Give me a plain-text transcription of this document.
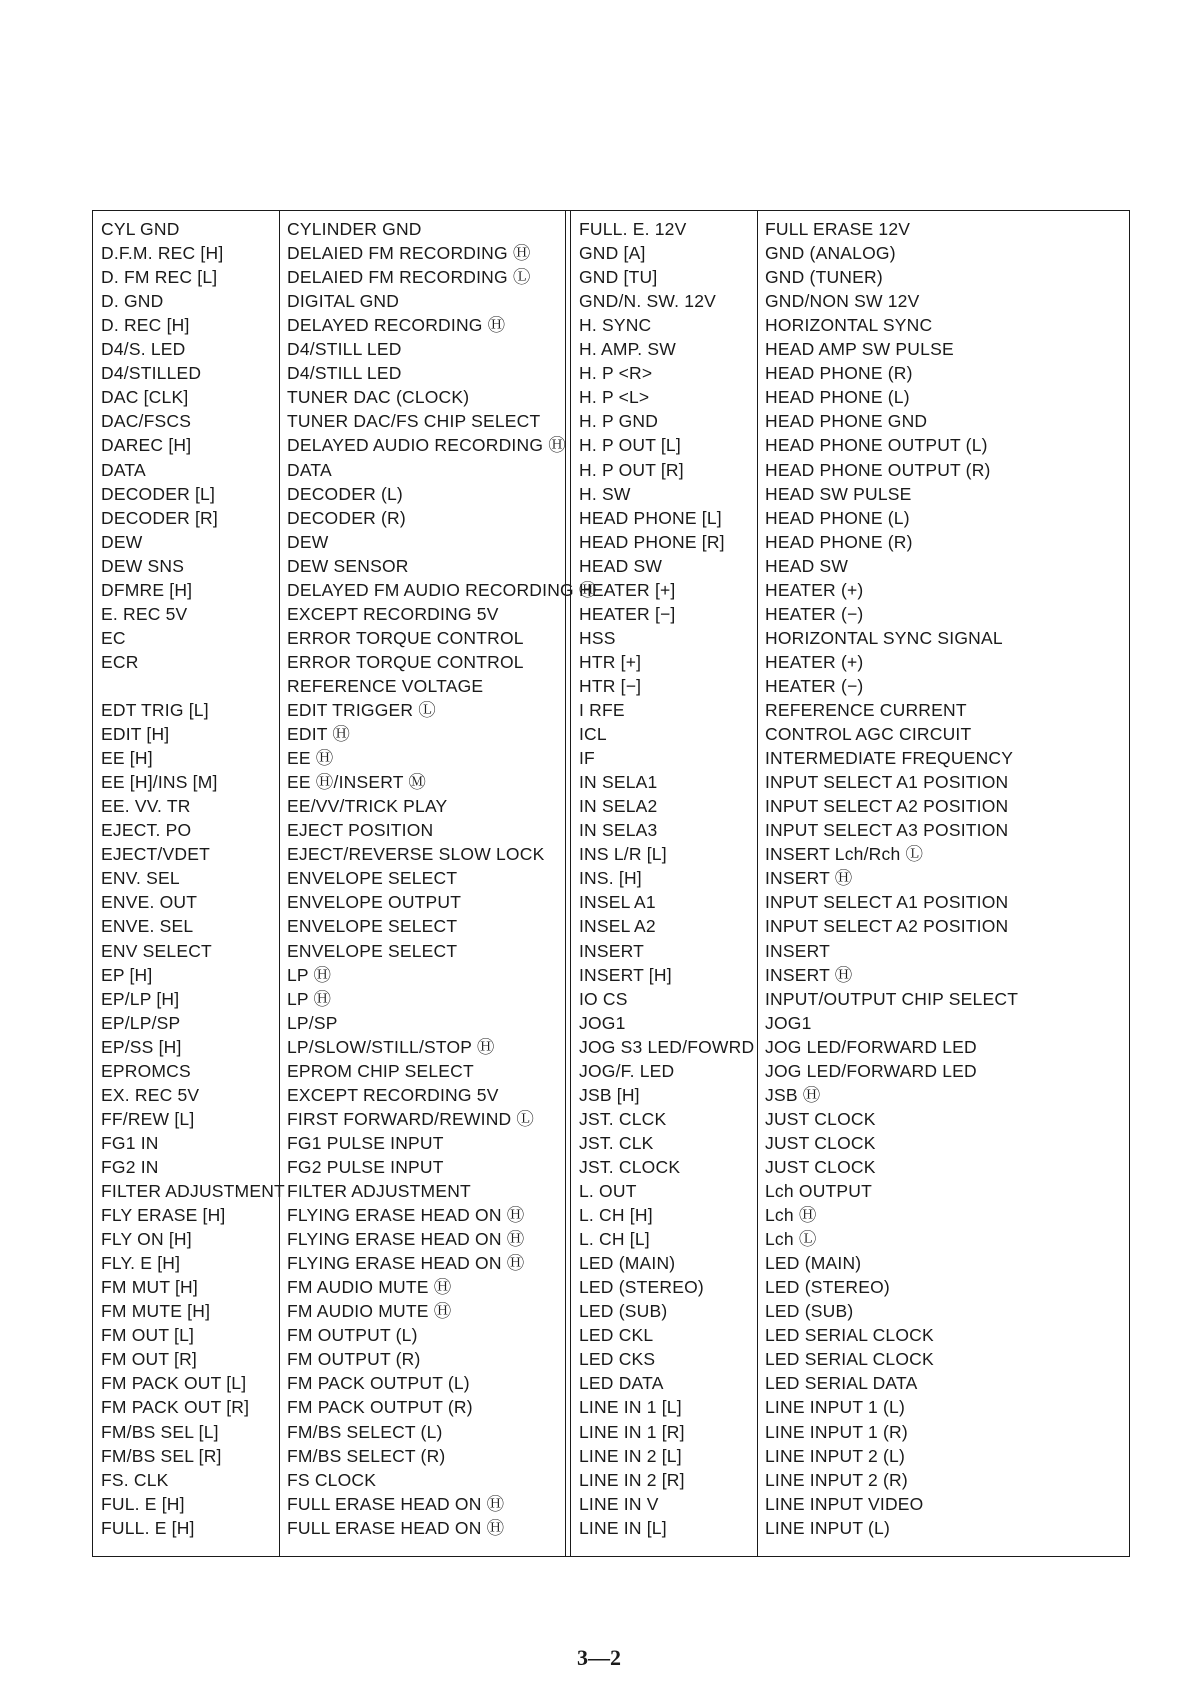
CYL GND
D.F.M. REC [H]
D. FM REC [L]
D. GND
D. REC [H]
D4/S. LED
D4/STILLED
DAC [CLK]
DAC/FSCS
DAREC [H]
DATA
DECODER [L]
DECODER [R]
DEW
DEW SNS
DFMRE [H]
E. REC 5V
EC
ECR
EDT TRIG [L]
EDIT [H]
EE [H]
EE [H]/INS [M]
EE. VV. TR
EJECT. PO
EJECT/VDET
ENV. SEL
ENVE. OUT
ENVE. SEL
ENV SELECT
EP [H]
EP/LP [H]
EP/LP/SP
EP/SS [H]
EPROMCS
EX. REC 5V
FF/REW [L]
FG1 IN
FG2 IN
FILTER ADJUSTMENT
FLY ERASE [H]
FLY ON [H]
FLY. E [H]
FM MUT [H]
FM MUTE [H]
FM OUT [L]
FM OUT [R]
FM PACK OUT [L]
FM PACK OUT [R]
FM/BS SEL [L]
FM/BS SEL [R]
FS. CLK
FUL. E [H]
FULL. E [H]
CYLINDER GND
DELAIED FM RECORDING Ⓗ
DELAIED FM RECORDING Ⓛ
DIGITAL GND
DELAYED RECORDING Ⓗ
D4/STILL LED
D4/STILL LED
TUNER DAC (CLOCK)
TUNER DAC/FS CHIP SELECT
DELAYED AUDIO RECORDING Ⓗ
DATA
DECODER (L)
DECODER (R)
DEW
DEW SENSOR
DELAYED FM AUDIO RECORDING Ⓗ
EXCEPT RECORDING 5V
ERROR TORQUE CONTROL
ERROR TORQUE CONTROL
REFERENCE VOLTAGE
EDIT TRIGGER Ⓛ
EDIT Ⓗ
EE Ⓗ
EE Ⓗ/INSERT Ⓜ
EE/VV/TRICK PLAY
EJECT POSITION
EJECT/REVERSE SLOW LOCK
ENVELOPE SELECT
ENVELOPE OUTPUT
ENVELOPE SELECT
ENVELOPE SELECT
LP Ⓗ
LP Ⓗ
LP/SP
LP/SLOW/STILL/STOP Ⓗ
EPROM CHIP SELECT
EXCEPT RECORDING 5V
FIRST FORWARD/REWIND Ⓛ
FG1 PULSE INPUT
FG2 PULSE INPUT
FILTER ADJUSTMENT
FLYING ERASE HEAD ON Ⓗ
FLYING ERASE HEAD ON Ⓗ
FLYING ERASE HEAD ON Ⓗ
FM AUDIO MUTE Ⓗ
FM AUDIO MUTE Ⓗ
FM OUTPUT (L)
FM OUTPUT (R)
FM PACK OUTPUT (L)
FM PACK OUTPUT (R)
FM/BS SELECT (L)
FM/BS SELECT (R)
FS CLOCK
FULL ERASE HEAD ON Ⓗ
FULL ERASE HEAD ON Ⓗ
FULL. E. 12V
GND [A]
GND [TU]
GND/N. SW. 12V
H. SYNC
H. AMP. SW
H. P <R>
H. P <L>
H. P GND
H. P OUT [L]
H. P OUT [R]
H. SW
HEAD PHONE [L]
HEAD PHONE [R]
HEAD SW
HEATER [+]
HEATER [−]
HSS
HTR [+]
HTR [−]
I RFE
ICL
IF
IN SELA1
IN SELA2
IN SELA3
INS L/R [L]
INS. [H]
INSEL A1
INSEL A2
INSERT
INSERT [H]
IO CS
JOG1
JOG S3 LED/FOWRD
JOG/F. LED
JSB [H]
JST. CLCK
JST. CLK
JST. CLOCK
L. OUT
L. CH [H]
L. CH [L]
LED (MAIN)
LED (STEREO)
LED (SUB)
LED CKL
LED CKS
LED DATA
LINE IN 1 [L]
LINE IN 1 [R]
LINE IN 2 [L]
LINE IN 2 [R]
LINE IN V
LINE IN [L]
FULL ERASE 12V
GND (ANALOG)
GND (TUNER)
GND/NON SW 12V
HORIZONTAL SYNC
HEAD AMP SW PULSE
HEAD PHONE (R)
HEAD PHONE (L)
HEAD PHONE GND
HEAD PHONE OUTPUT (L)
HEAD PHONE OUTPUT (R)
HEAD SW PULSE
HEAD PHONE (L)
HEAD PHONE (R)
HEAD SW
HEATER (+)
HEATER (−)
HORIZONTAL SYNC SIGNAL
HEATER (+)
HEATER (−)
REFERENCE CURRENT
CONTROL AGC CIRCUIT
INTERMEDIATE FREQUENCY
INPUT SELECT A1 POSITION
INPUT SELECT A2 POSITION
INPUT SELECT A3 POSITION
INSERT Lch/Rch Ⓛ
INSERT Ⓗ
INPUT SELECT A1 POSITION
INPUT SELECT A2 POSITION
INSERT
INSERT Ⓗ
INPUT/OUTPUT CHIP SELECT
JOG1
JOG LED/FORWARD LED
JOG LED/FORWARD LED
JSB Ⓗ
JUST CLOCK
JUST CLOCK
JUST CLOCK
Lch OUTPUT
Lch Ⓗ
Lch Ⓛ
LED (MAIN)
LED (STEREO)
LED (SUB)
LED SERIAL CLOCK
LED SERIAL CLOCK
LED SERIAL DATA
LINE INPUT 1 (L)
LINE INPUT 1 (R)
LINE INPUT 2 (L)
LINE INPUT 2 (R)
LINE INPUT VIDEO
LINE INPUT (L)
3—2
